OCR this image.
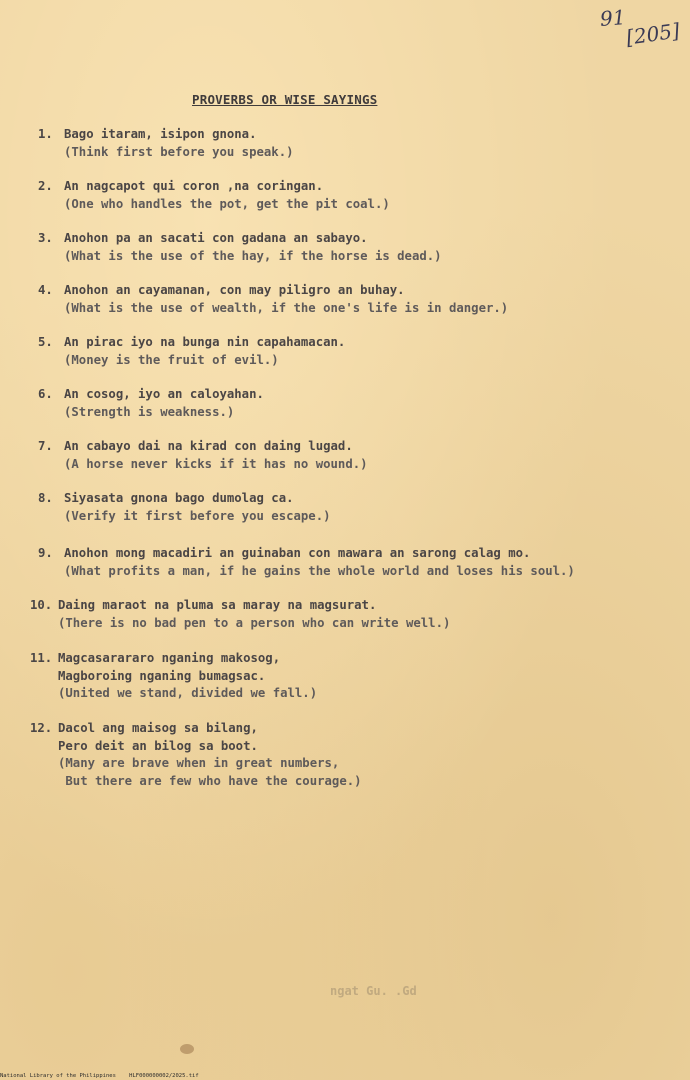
91
[205]
PROVERBS OR WISE SAYINGS
1. Bago itaram, isipon gnona.
(Think first before you speak.)
2. An nagcapot qui coron ,na coringan.
(One who handles the pot, get the pit coal.)
3. Anohon pa an sacati con gadana an sabayo.
(What is the use of the hay, if the horse is dead.)
4. Anohon an cayamanan, con may piligro an buhay.
(What is the use of wealth, if the one's life is in danger.)
5. An pirac iyo na bunga nin capahamacan.
(Money is the fruit of evil.)
6. An cosog, iyo an caloyahan.
(Strength is weakness.)
7. An cabayo dai na kirad con daing lugad.
(A horse never kicks if it has no wound.)
8. Siyasata gnona bago dumolag ca.
(Verify it first before you escape.)
9. Anohon mong macadiri an guinaban con mawara an sarong calag mo.
(What profits a man, if he gains the whole world and loses his soul.)
10. Daing maraot na pluma sa maray na magsurat.
(There is no bad pen to a person who can write well.)
11. Magcasarararo nganing makosog,
Magboroing nganing bumagsac.
(United we stand, divided we fall.)
12. Dacol ang maisog sa bilang,
Pero deit an bilog sa boot.
(Many are brave when in great numbers,
But there are few who have the courage.)
ngat Gu. .Gd
National Library of the Philippines    HLF000000002/2025.tif
